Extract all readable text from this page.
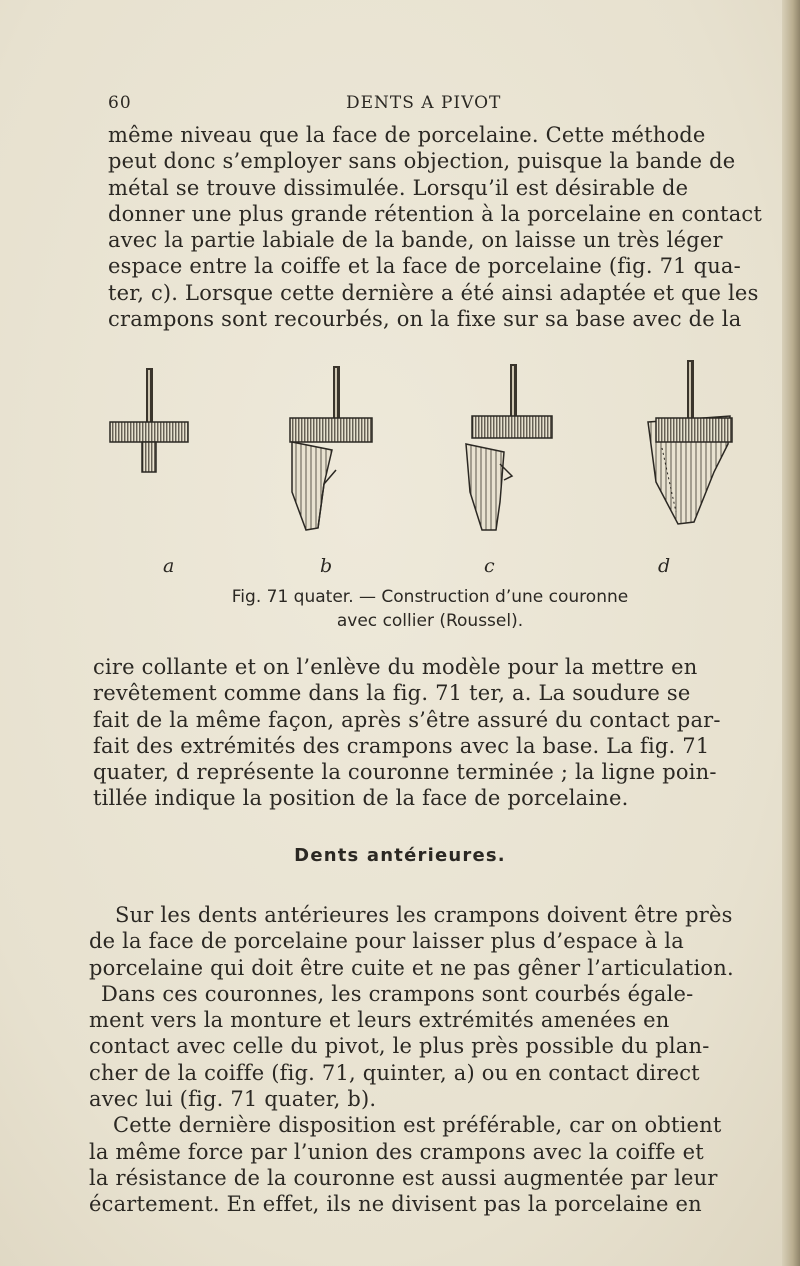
60	DENTS A PIVOT
même niveau que la face de porcelaine. Cette méthode
peut donc s’employer sans objection, puisque la bande de
métal se trouve dissimulée. Lorsqu’il est désirable de
donner une plus grande rétention à la porcelaine en contact
avec la partie labiale de la bande, on laisse un très léger
espace entre la coiffe et la face de porcelaine (fig. 71 qua-
ter, c). Lorsque cette dernière a été ainsi adaptée et que les
crampons sont recourbés, on la fixe sur sa base avec de la
a	b	c	d
Fig. 71 quater. — Construction d’une couronne
avec collier (Roussel).
cire collante et on l’enlève du modèle pour la mettre en
revêtement comme dans la fig. 71 ter, a. La soudure se
fait de la même façon, après s’être assuré du contact par-
fait des extrémités des crampons avec la base. La fig. 71
quater, d représente la couronne terminée ; la ligne poin-
tillée indique la position de la face de porcelaine.
Dents antérieures.
Sur les dents antérieures les crampons doivent être près
de la face de porcelaine pour laisser plus d’espace à la
porcelaine qui doit être cuite et ne pas gêner l’articulation.
Dans ces couronnes, les crampons sont courbés égale-
ment vers la monture et leurs extrémités amenées en
contact avec celle du pivot, le plus près possible du plan-
cher de la coiffe (fig. 71, quinter, a) ou en contact direct
avec lui (fig. 71 quater, b).
Cette dernière disposition est préférable, car on obtient
la même force par l’union des crampons avec la coiffe et
la résistance de la couronne est aussi augmentée par leur
écartement. En effet, ils ne divisent pas la porcelaine en
